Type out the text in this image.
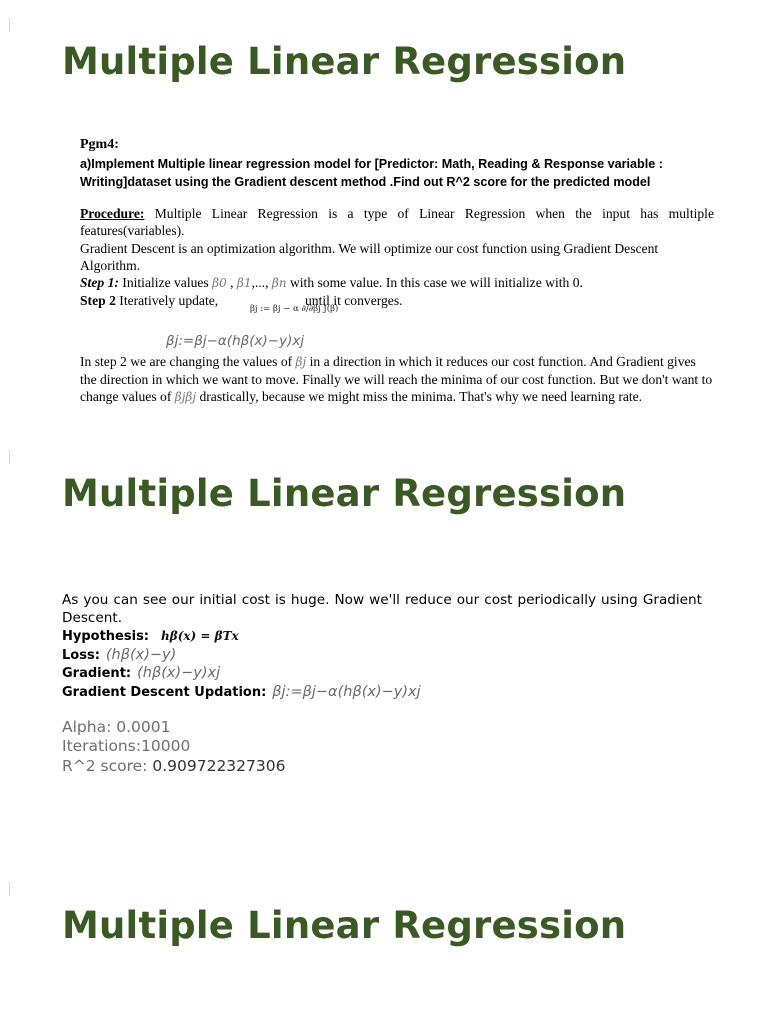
Multiple Linear Regression
Pgm4:
a)Implement Multiple linear regression model for [Predictor: Math, Reading & Response variable :
Writing]dataset using the Gradient descent method .Find out R^2 score for the predicted model
Procedure: Multiple Linear Regression is a type of Linear Regression when the input has multiple features(variables).
Gradient Descent is an optimization algorithm. We will optimize our cost function using Gradient Descent Algorithm.
Step 1: Initialize values β0 , β1,..., βn with some value. In this case we will initialize with 0.
Step 2 Iteratively update,	until it converges.
βj := βj − α ∂/∂βj J(β)
βj:=βj−α(hβ(x)−y)xj
In step 2 we are changing the values of βj in a direction in which it reduces our cost function. And Gradient gives the direction in which we want to move. Finally we will reach the minima of our cost function. But we don't want to change values of βjβj drastically, because we might miss the minima. That's why we need learning rate.
Multiple Linear Regression
As you can see our initial cost is huge. Now we'll reduce our cost periodically using Gradient Descent.
Hypothesis: hβ(x) = βTx
Loss: (hβ(x)−y)
Gradient: (hβ(x)−y)xj
Gradient Descent Updation: βj:=βj−α(hβ(x)−y)xj
Alpha: 0.0001
Iterations:10000
R^2 score: 0.909722327306
Multiple Linear Regression
